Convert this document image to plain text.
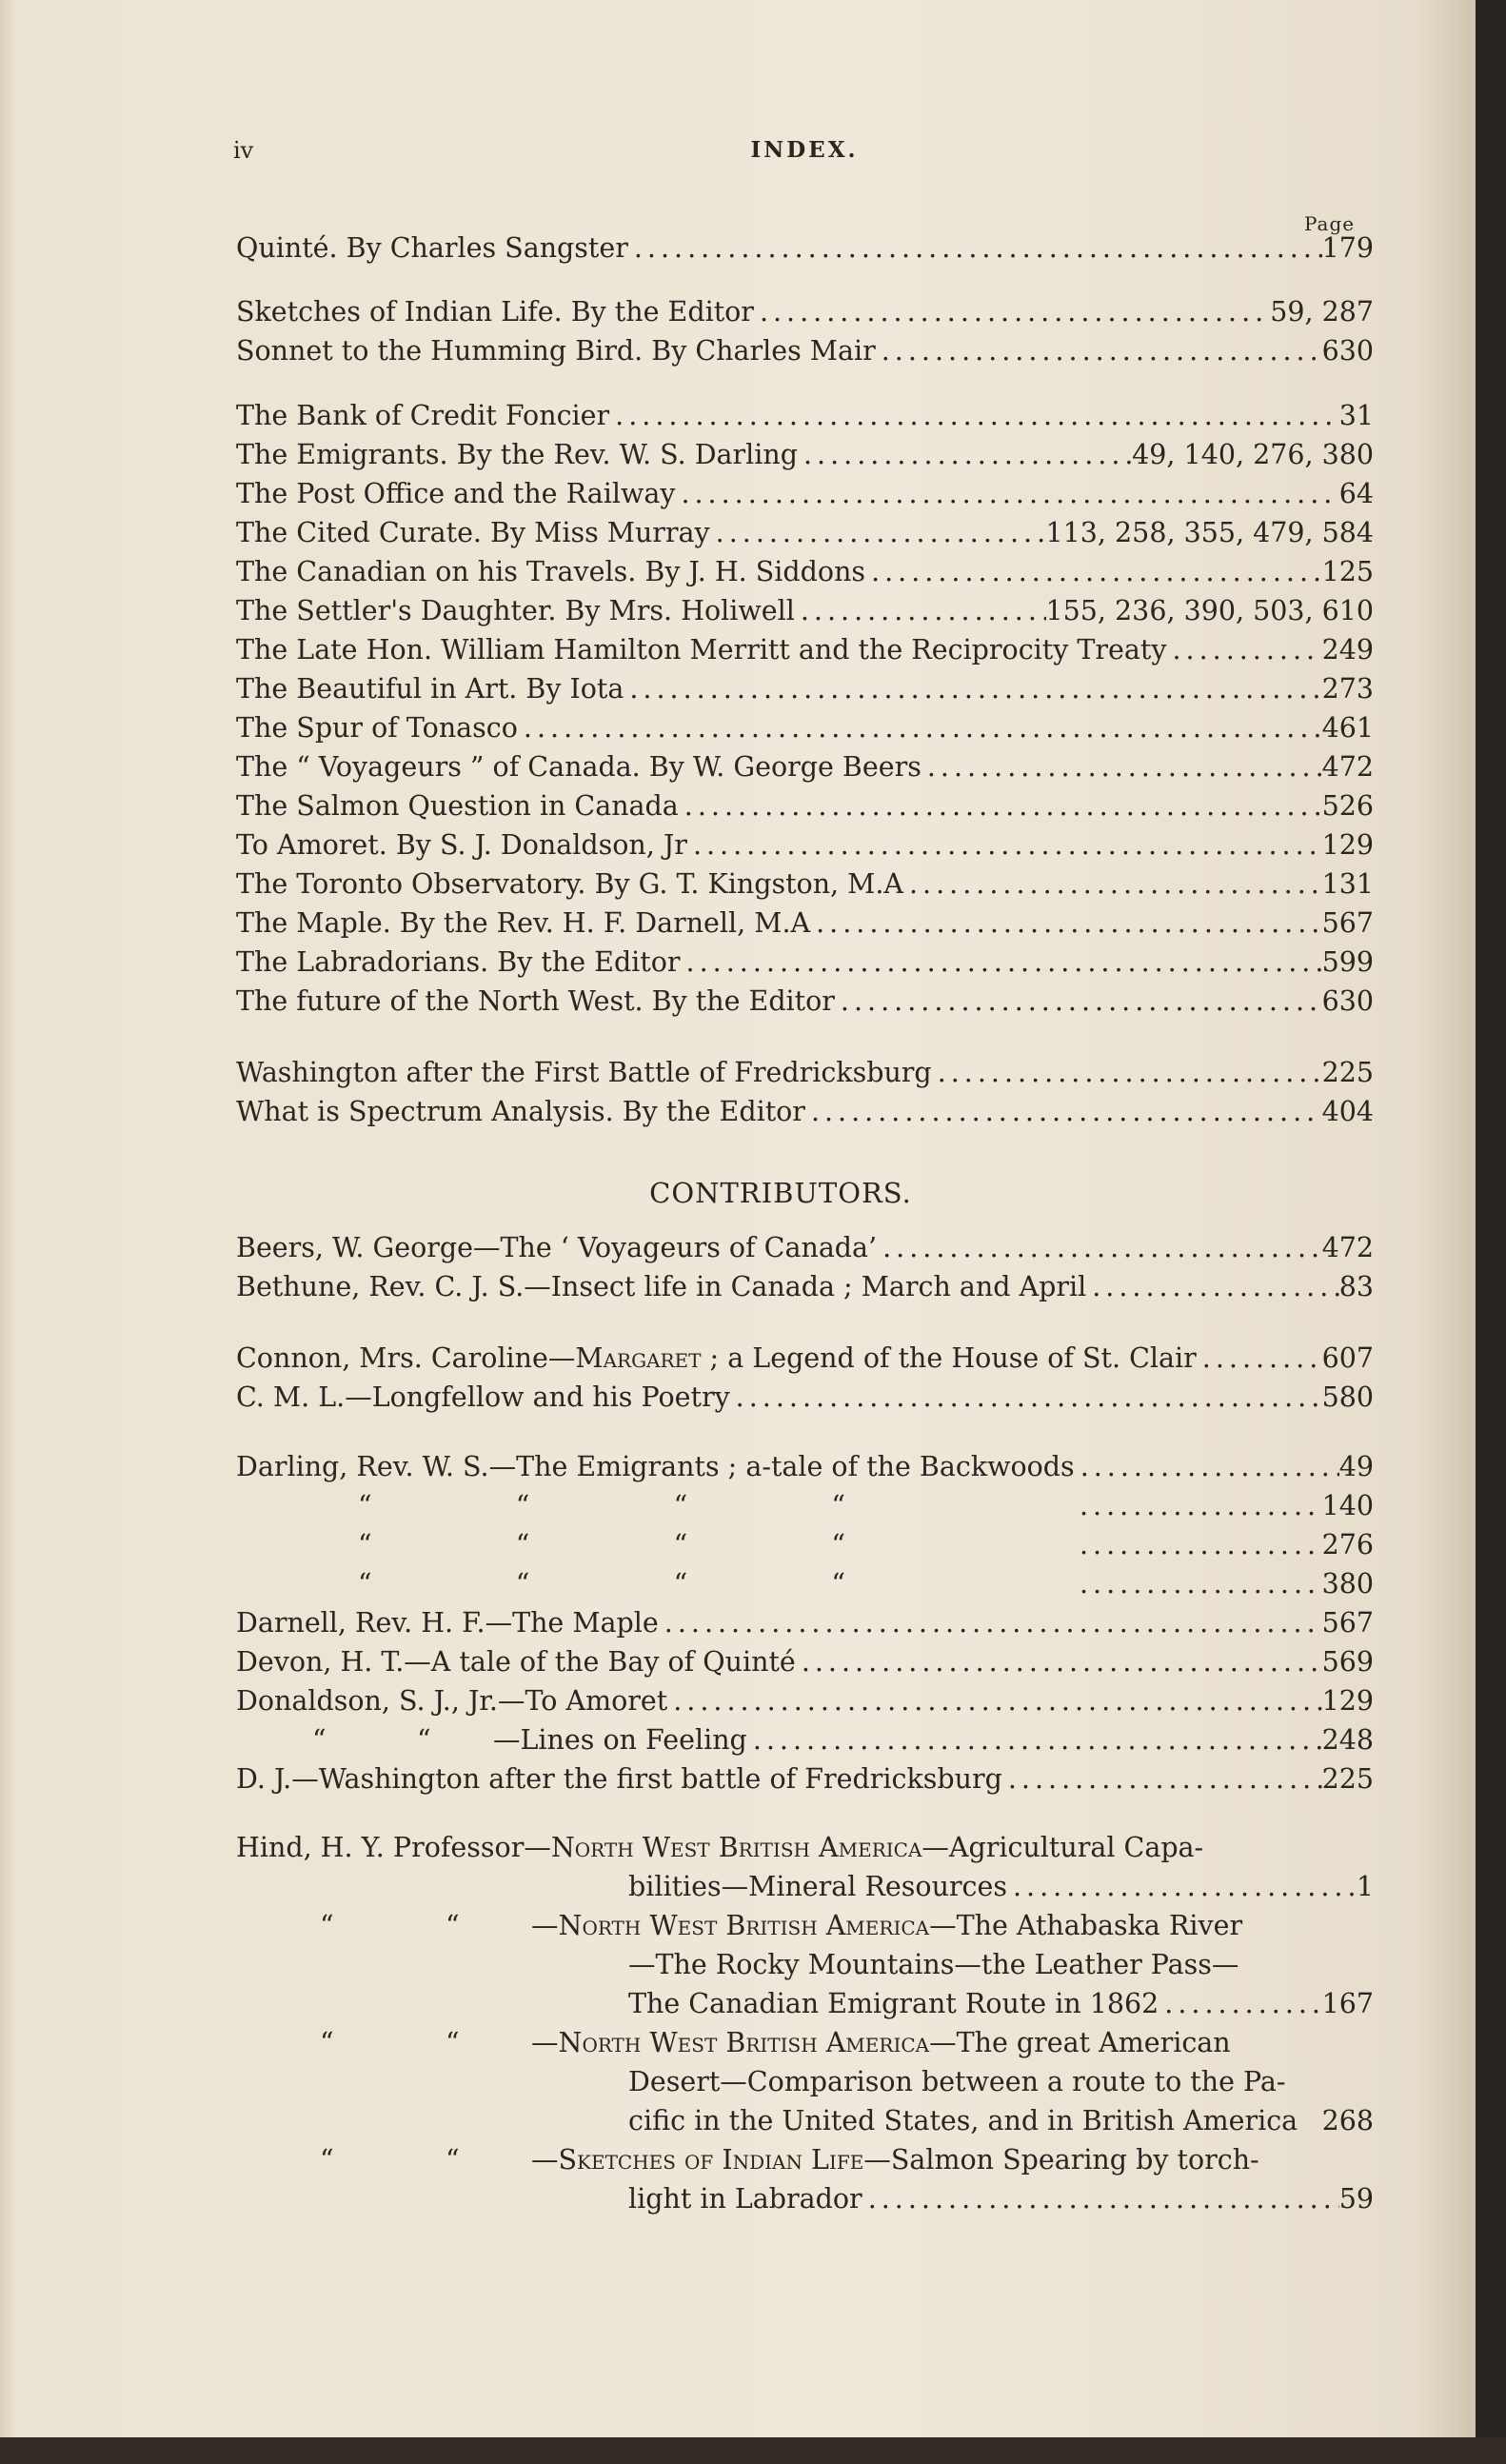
iv	INDEX.
Page
Quinté. By Charles Sangster .....	179
Sketches of Indian Life. By the Editor .....	59, 287
Sonnet to the Humming Bird. By Charles Mair .....	630
The Bank of Credit Foncier .....	31
The Emigrants. By the Rev. W. S. Darling .....	49, 140, 276, 380
The Post Office and the Railway .....	64
The Cited Curate. By Miss Murray .....	113, 258, 355, 479, 584
The Canadian on his Travels. By J. H. Siddons .....	125
The Settler's Daughter. By Mrs. Holiwell .....	155, 236, 390, 503, 610
The Late Hon. William Hamilton Merritt and the Reciprocity Treaty .....	249
The Beautiful in Art. By Iota .....	273
The Spur of Tonasco .....	461
The “ Voyageurs ” of Canada. By W. George Beers .....	472
The Salmon Question in Canada .....	526
To Amoret. By S. J. Donaldson, Jr .....	129
The Toronto Observatory. By G. T. Kingston, M.A .....	131
The Maple. By the Rev. H. F. Darnell, M.A .....	567
The Labradorians. By the Editor .....	599
The future of the North West. By the Editor .....	630
Washington after the First Battle of Fredricksburg .....	225
What is Spectrum Analysis. By the Editor .....	404
CONTRIBUTORS.
Beers, W. George—The ‘ Voyageurs of Canada’ .....	472
Bethune, Rev. C. J. S.—Insect life in Canada ; March and April .....	83
Connon, Mrs. Caroline—Margaret ; a Legend of the House of St. Clair .....	607
C. M. L.—Longfellow and his Poetry .....	580
Darling, Rev. W. S.—The Emigrants ; a-tale of the Backwoods .....	49
“	“	“	“ .....	140
“	“	“	“ .....	276
“	“	“	“ .....	380
Darnell, Rev. H. F.—The Maple .....	567
Devon, H. T.—A tale of the Bay of Quinté .....	569
Donaldson, S. J., Jr.—To Amoret .....	129
“	“	—Lines on Feeling .....	248
D. J.—Washington after the first battle of Fredricksburg .....	225
Hind, H. Y. Professor—North West British America—Agricultural Capa-
bilities—Mineral Resources .....	1
“	“	—North West British America —The Athabaska River
—The Rocky Mountains—the Leather Pass—
The Canadian Emigrant Route in 1862 .....	167
“	“	—North West British America —The great American
Desert—Comparison between a route to the Pa-
cific in the United States, and in British America 268
“	“	—Sketches of Indian Life —Salmon Spearing by torch-
light in Labrador .....	59
